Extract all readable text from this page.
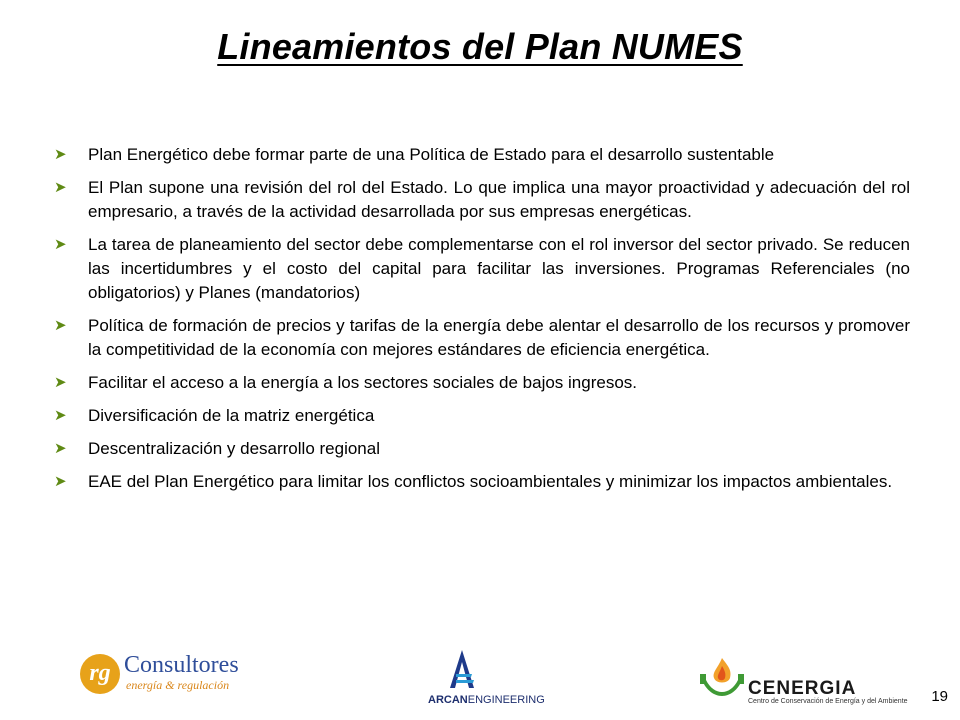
Lineamientos del Plan NUMES
➤ Plan Energético debe formar parte de una Política de Estado para el desarrollo sustentable
➤ El Plan supone una revisión del rol del Estado. Lo que implica una mayor proactividad y adecuación del rol empresario, a través de la actividad desarrollada por sus empresas energéticas.
➤ La tarea de planeamiento del sector debe complementarse con el rol inversor del sector privado. Se reducen las incertidumbres y el costo del capital para facilitar las inversiones. Programas Referenciales (no obligatorios) y Planes (mandatorios)
➤ Política de formación de precios y tarifas de la energía debe alentar el desarrollo de los recursos y promover la competitividad de la economía con mejores estándares de eficiencia energética.
➤ Facilitar el acceso a la energía a los sectores sociales de bajos ingresos.
➤ Diversificación de la matriz energética
➤ Descentralización y desarrollo regional
➤ EAE del Plan Energético para limitar los conflictos socioambientales y minimizar los impactos ambientales.
rg Consultores
energía & regulación
ARCANENGINEERING
CENERGIA
Centro de Conservación de Energía y del Ambiente 19
